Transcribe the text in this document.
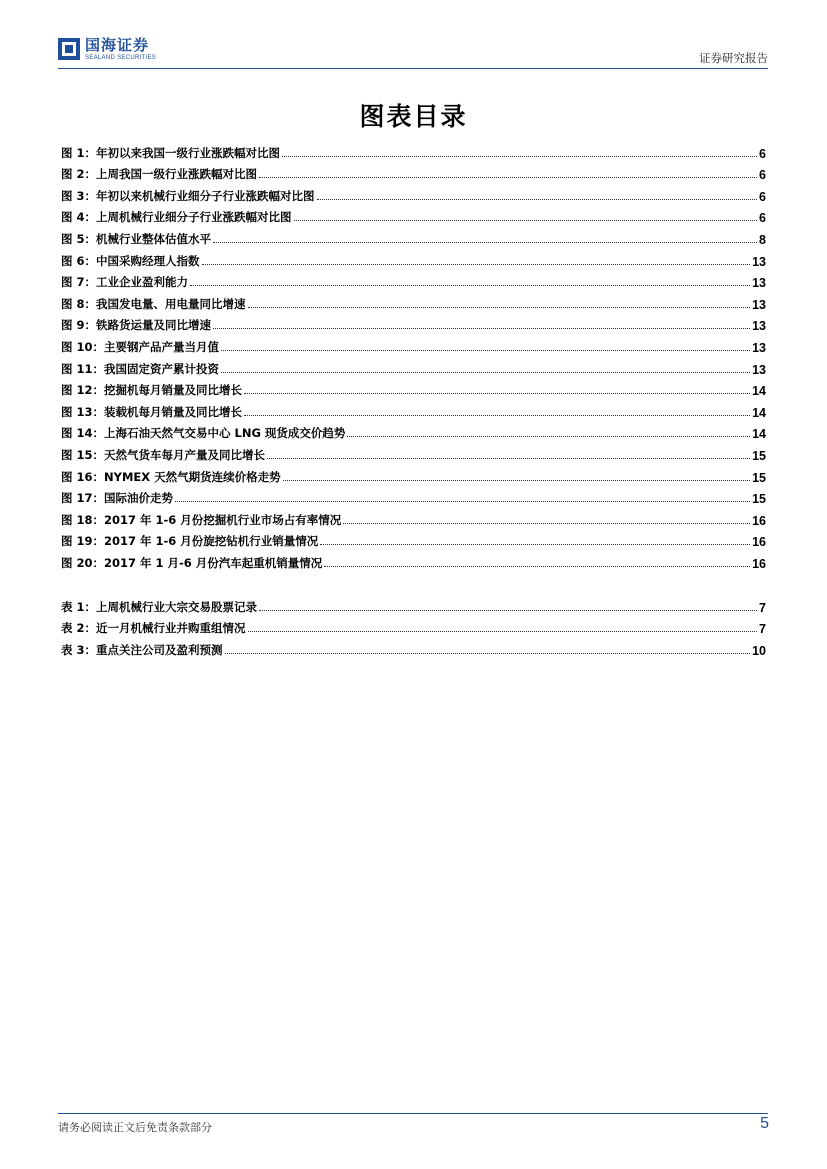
国海证券
SEALAND SECURITIES	证券研究报告
图表目录
图 1：年初以来我国一级行业涨跌幅对比图	6
图 2：上周我国一级行业涨跌幅对比图	6
图 3：年初以来机械行业细分子行业涨跌幅对比图	6
图 4：上周机械行业细分子行业涨跌幅对比图	6
图 5：机械行业整体估值水平	8
图 6：中国采购经理人指数	13
图 7：工业企业盈利能力	13
图 8：我国发电量、用电量同比增速	13
图 9：铁路货运量及同比增速	13
图 10：主要钢产品产量当月值	13
图 11：我国固定资产累计投资	13
图 12：挖掘机每月销量及同比增长	14
图 13：装载机每月销量及同比增长	14
图 14：上海石油天然气交易中心 LNG 现货成交价趋势	14
图 15：天然气货车每月产量及同比增长	15
图 16：NYMEX 天然气期货连续价格走势	15
图 17：国际油价走势	15
图 18：2017 年 1-6 月份挖掘机行业市场占有率情况	16
图 19：2017 年 1-6 月份旋挖钻机行业销量情况	16
图 20：2017 年 1 月-6 月份汽车起重机销量情况	16
表 1：上周机械行业大宗交易股票记录	7
表 2：近一月机械行业并购重组情况	7
表 3：重点关注公司及盈利预测	10
请务必阅读正文后免责条款部分	5
